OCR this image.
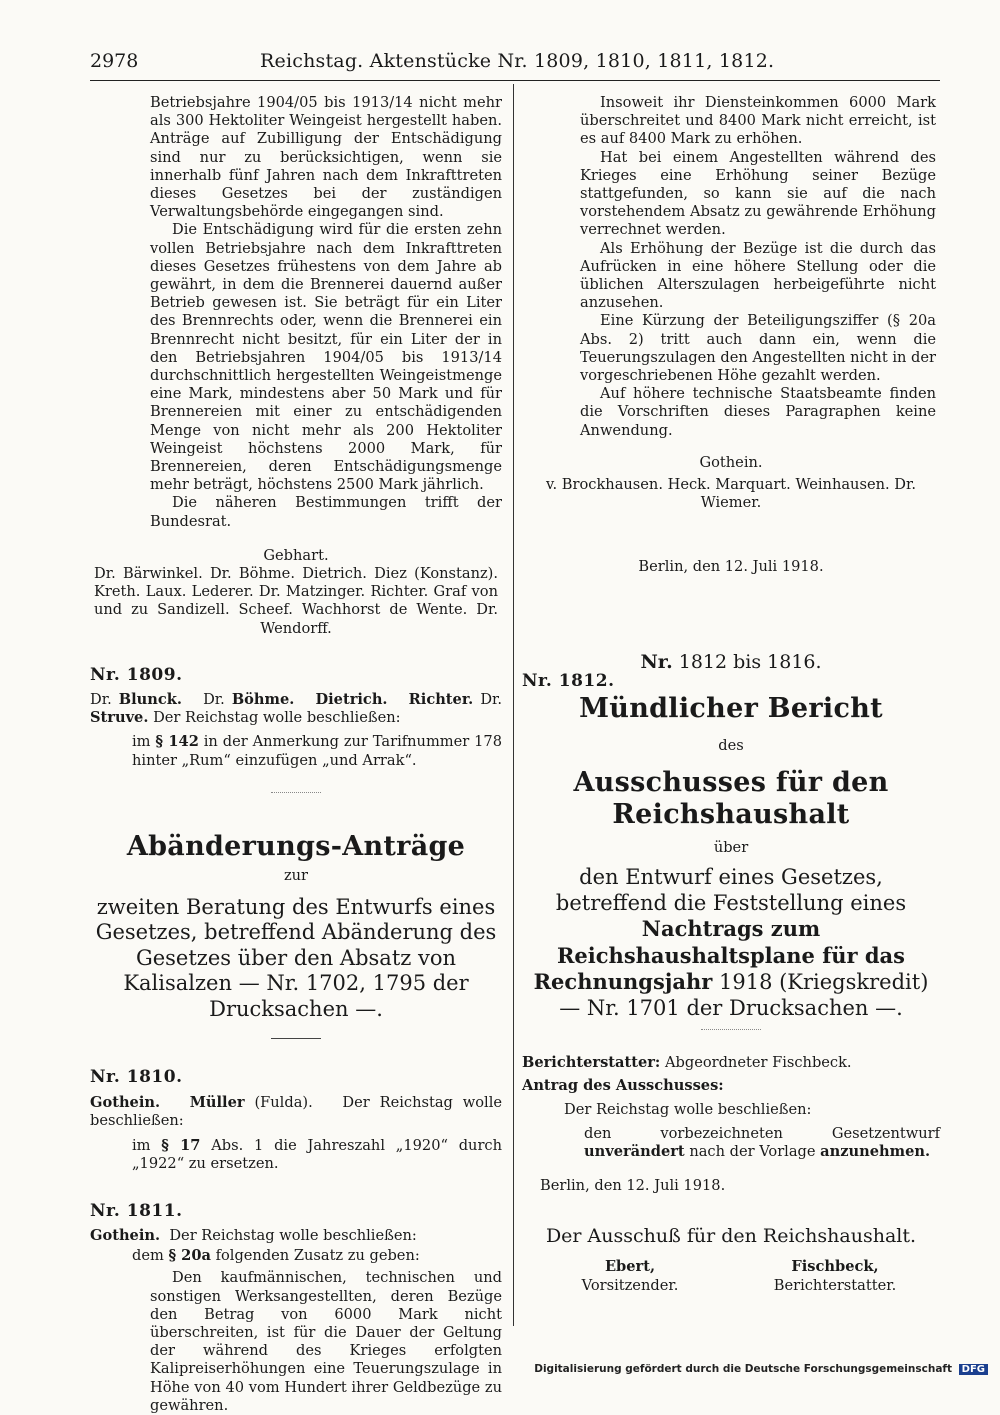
2978	Reichstag. Aktenstücke Nr. 1809, 1810, 1811, 1812.

Betriebsjahre 1904/05 bis 1913/14 nicht mehr als 300 Hektoliter Weingeist hergestellt haben. Anträge auf Zubilligung der Entschädigung sind nur zu berücksichtigen, wenn sie innerhalb fünf Jahren nach dem Inkrafttreten dieses Gesetzes bei der zuständigen Verwaltungsbehörde eingegangen sind.

Die Entschädigung wird für die ersten zehn vollen Betriebsjahre nach dem Inkrafttreten dieses Gesetzes frühestens von dem Jahre ab gewährt, in dem die Brennerei dauernd außer Betrieb gewesen ist. Sie beträgt für ein Liter des Brennrechts oder, wenn die Brennerei ein Brennrecht nicht besitzt, für ein Liter der in den Betriebsjahren 1904/05 bis 1913/14 durchschnittlich hergestellten Weingeistmenge eine Mark, mindestens aber 50 Mark und für Brennereien mit einer zu entschädigenden Menge von nicht mehr als 200 Hektoliter Weingeist höchstens 2000 Mark, für Brennereien, deren Entschädigungsmenge mehr beträgt, höchstens 2500 Mark jährlich.

Die näheren Bestimmungen trifft der Bundesrat.

Gebhart.

Dr. Bärwinkel. Dr. Böhme. Dietrich. Diez (Konstanz). Kreth. Laux. Lederer. Dr. Matzinger. Richter. Graf von und zu Sandizell. Scheef. Wachhorst de Wente. Dr. Wendorff.

Nr. 1809.

Dr. Blunck. Dr. Böhme. Dietrich. Richter. Dr. Struve. Der Reichstag wolle beschließen:

im § 142 in der Anmerkung zur Tarifnummer 178 hinter „Rum“ einzufügen „und Arrak“.

Abänderungs-Anträge

zur

zweiten Beratung des Entwurfs eines Gesetzes, betreffend Abänderung des Gesetzes über den Absatz von Kalisalzen — Nr. 1702, 1795 der Drucksachen —.

Nr. 1810.

Gothein. Müller (Fulda). Der Reichstag wolle beschließen:

im § 17 Abs. 1 die Jahreszahl „1920“ durch „1922“ zu ersetzen.

Nr. 1811.

Gothein. Der Reichstag wolle beschließen:

dem § 20a folgenden Zusatz zu geben:

Den kaufmännischen, technischen und sonstigen Werksangestellten, deren Bezüge den Betrag von 6000 Mark nicht überschreiten, ist für die Dauer der Geltung der während des Krieges erfolgten Kalipreiserhöhungen eine Teuerungszulage in Höhe von 40 vom Hundert ihrer Geldbezüge zu gewähren.

Insoweit ihr Diensteinkommen 6000 Mark überschreitet und 8400 Mark nicht erreicht, ist es auf 8400 Mark zu erhöhen.

Hat bei einem Angestellten während des Krieges eine Erhöhung seiner Bezüge stattgefunden, so kann sie auf die nach vorstehendem Absatz zu gewährende Erhöhung verrechnet werden.

Als Erhöhung der Bezüge ist die durch das Aufrücken in eine höhere Stellung oder die üblichen Alterszulagen herbeigeführte nicht anzusehen.

Eine Kürzung der Beteiligungsziffer (§ 20a Abs. 2) tritt auch dann ein, wenn die Teuerungszulagen den Angestellten nicht in der vorgeschriebenen Höhe gezahlt werden.

Auf höhere technische Staatsbeamte finden die Vorschriften dieses Paragraphen keine Anwendung.

Gothein.

v. Brockhausen. Heck. Marquart. Weinhausen. Dr. Wiemer.

Berlin, den 12. Juli 1918.

Nr. 1812 bis 1816.

Nr. 1812.

Mündlicher Bericht

des

Ausschusses für den Reichshaushalt

über

den Entwurf eines Gesetzes, betreffend die Feststellung eines Nachtrags zum Reichshaushaltsplane für das Rechnungsjahr 1918 (Kriegskredit) — Nr. 1701 der Drucksachen —.

Berichterstatter: Abgeordneter Fischbeck.

Antrag des Ausschusses:

Der Reichstag wolle beschließen:

den vorbezeichneten Gesetzentwurf unverändert nach der Vorlage anzunehmen.

Berlin, den 12. Juli 1918.

Der Ausschuß für den Reichshaushalt.

Ebert,
Vorsitzender.
Fischbeck,
Berichterstatter.
Digitalisierung gefördert durch die Deutsche Forschungsgemeinschaft DFG
